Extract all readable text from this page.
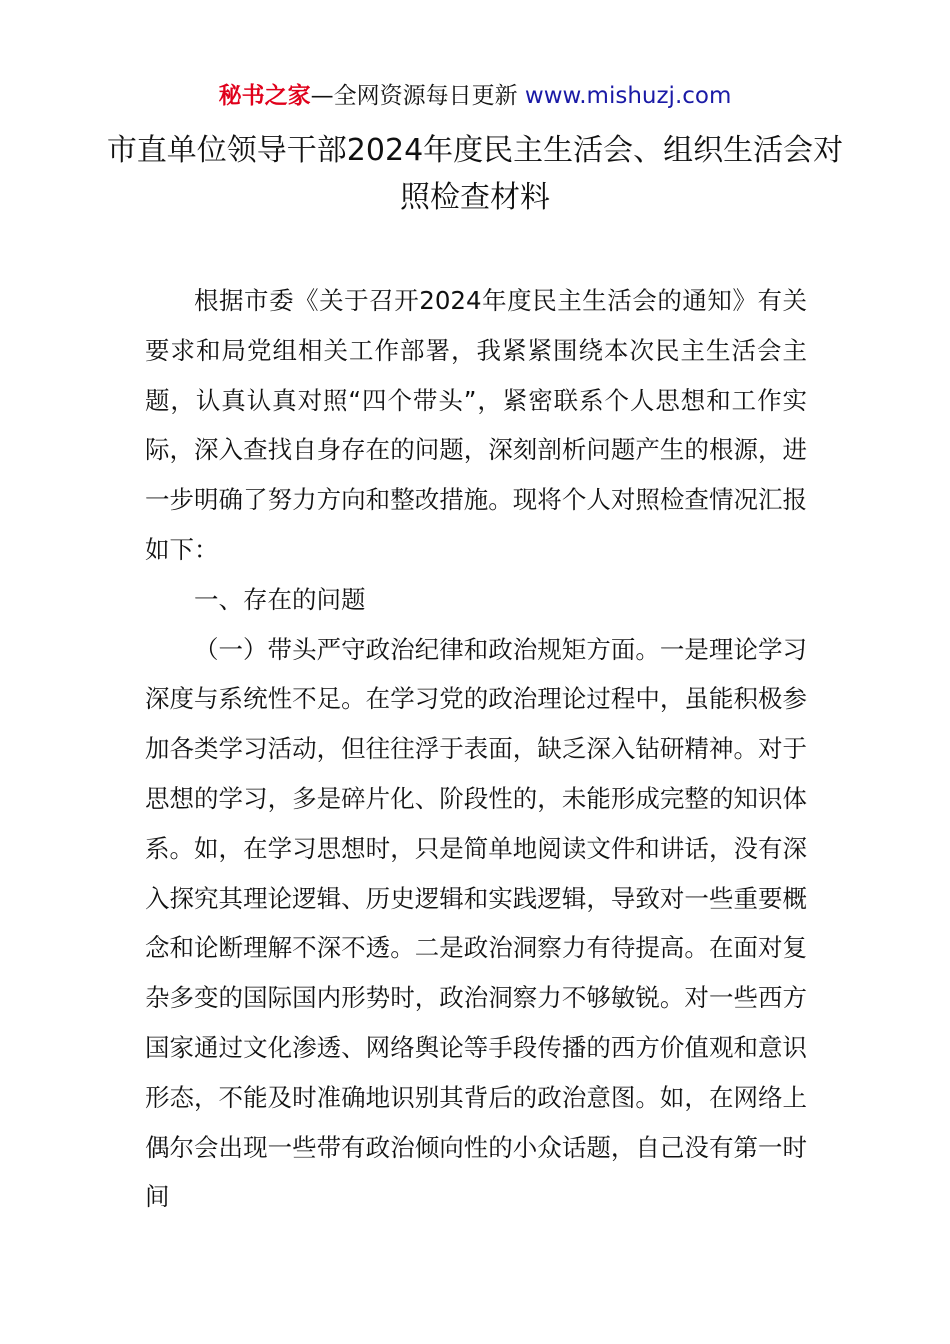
秘书之家—全网资源每日更新 www.mishuzj.com
市直单位领导干部2024年度民主生活会、组织生活会对照检查材料

根据市委《关于召开2024年度民主生活会的通知》有关要求和局党组相关工作部署，我紧紧围绕本次民主生活会主题，认真认真对照“四个带头”，紧密联系个人思想和工作实际，深入查找自身存在的问题，深刻剖析问题产生的根源，进一步明确了努力方向和整改措施。现将个人对照检查情况汇报如下：

一、存在的问题

（一）带头严守政治纪律和政治规矩方面。一是理论学习深度与系统性不足。在学习党的政治理论过程中，虽能积极参加各类学习活动，但往往浮于表面，缺乏深入钻研精神。对于思想的学习，多是碎片化、阶段性的，未能形成完整的知识体系。如，在学习思想时，只是简单地阅读文件和讲话，没有深入探究其理论逻辑、历史逻辑和实践逻辑，导致对一些重要概念和论断理解不深不透。二是政治洞察力有待提高。在面对复杂多变的国际国内形势时，政治洞察力不够敏锐。对一些西方国家通过文化渗透、网络舆论等手段传播的西方价值观和意识形态，不能及时准确地识别其背后的政治意图。如，在网络上偶尔会出现一些带有政治倾向性的小众话题，自己没有第一时间
